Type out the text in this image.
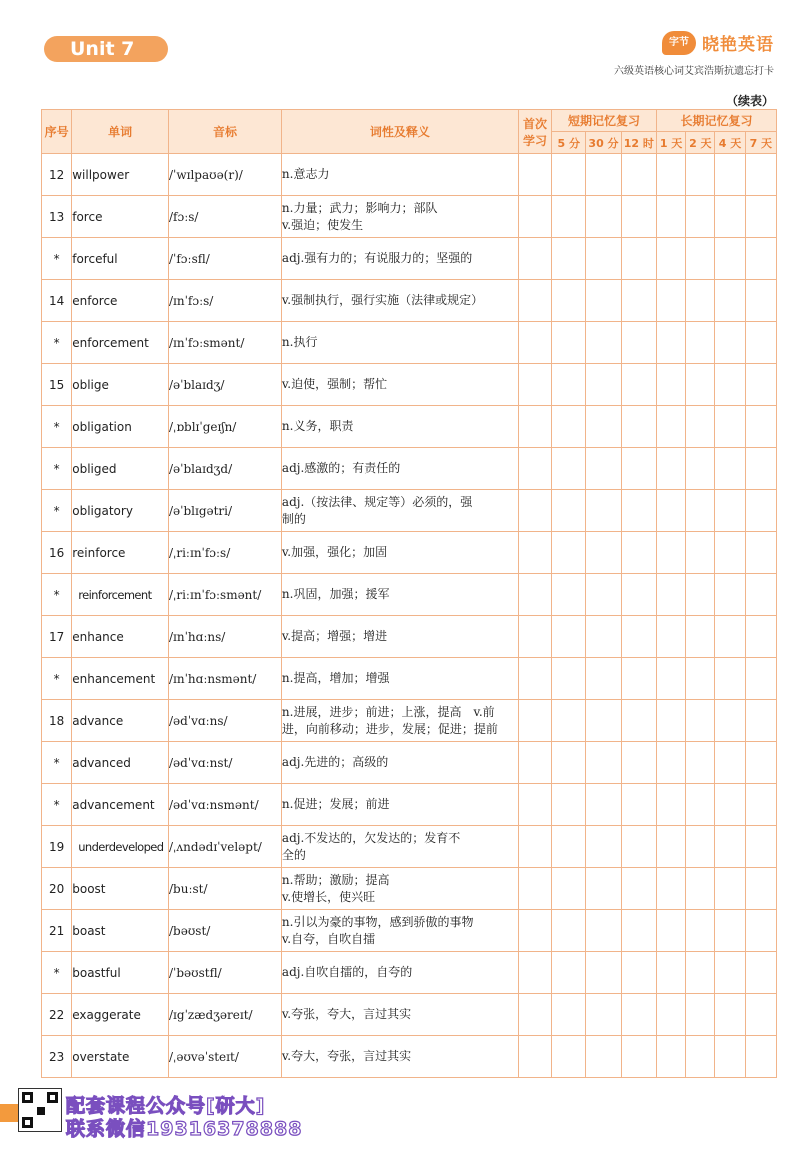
Unit 7	字节 晓艳英语
六级英语核心词艾宾浩斯抗遗忘打卡
（续表）
序号	单词	音标	词性及释义	首次学习	短期记忆复习			长期记忆复习			
					5 分	30 分	12 时	1 天	2 天	4 天	7 天
12	willpower	/ˈwɪlpaʊə(r)/	n.意志力								
13	force	/fɔːs/	n.力量；武力；影响力；部队
v.强迫；使发生								

*	forceful	/ˈfɔːsfl/	adj.强有力的；有说服力的；坚强的								
14	enforce	/ɪnˈfɔːs/	v.强制执行，强行实施（法律或规定）								
*	enforcement	/ɪnˈfɔːsmənt/	n.执行								
15	oblige	/əˈblaɪdʒ/	v.迫使，强制；帮忙								
*	obligation	/ˌɒblɪˈgeɪʃn/	n.义务，职责								
*	obliged	/əˈblaɪdʒd/	adj.感激的；有责任的								
*	obligatory	/əˈblɪgətri/	adj.（按法律、规定等）必须的，强
制的								

16	reinforce	/ˌriːɪnˈfɔːs/	v.加强，强化；加固								
*	reinforcement	/ˌriːɪnˈfɔːsmənt/	n.巩固，加强；援军								
17	enhance	/ɪnˈhɑːns/	v.提高；增强；增进								
*	enhancement	/ɪnˈhɑːnsmənt/	n.提高，增加；增强								
18	advance	/ədˈvɑːns/	n.进展，进步；前进；上涨，提高　v.前
进，向前移动；进步，发展；促进；提前								

*	advanced	/ədˈvɑːnst/	adj.先进的；高级的								
*	advancement	/ədˈvɑːnsmənt/	n.促进；发展；前进								
19	underdeveloped	/ˌʌndədɪˈveləpt/	adj.不发达的，欠发达的；发育不
全的								

20	boost	/buːst/	n.帮助；激励；提高
v.使增长，使兴旺								

21	boast	/bəʊst/	n.引以为豪的事物，感到骄傲的事物
v.自夸，自吹自擂								

*	boastful	/ˈbəʊstfl/	adj.自吹自擂的，自夸的								
22	exaggerate	/ɪgˈzædʒəreɪt/	v.夸张，夸大，言过其实								
23	overstate	/ˌəʊvəˈsteɪt/	v.夸大，夸张，言过其实								
配套课程公众号[研大]
联系微信19316378888
